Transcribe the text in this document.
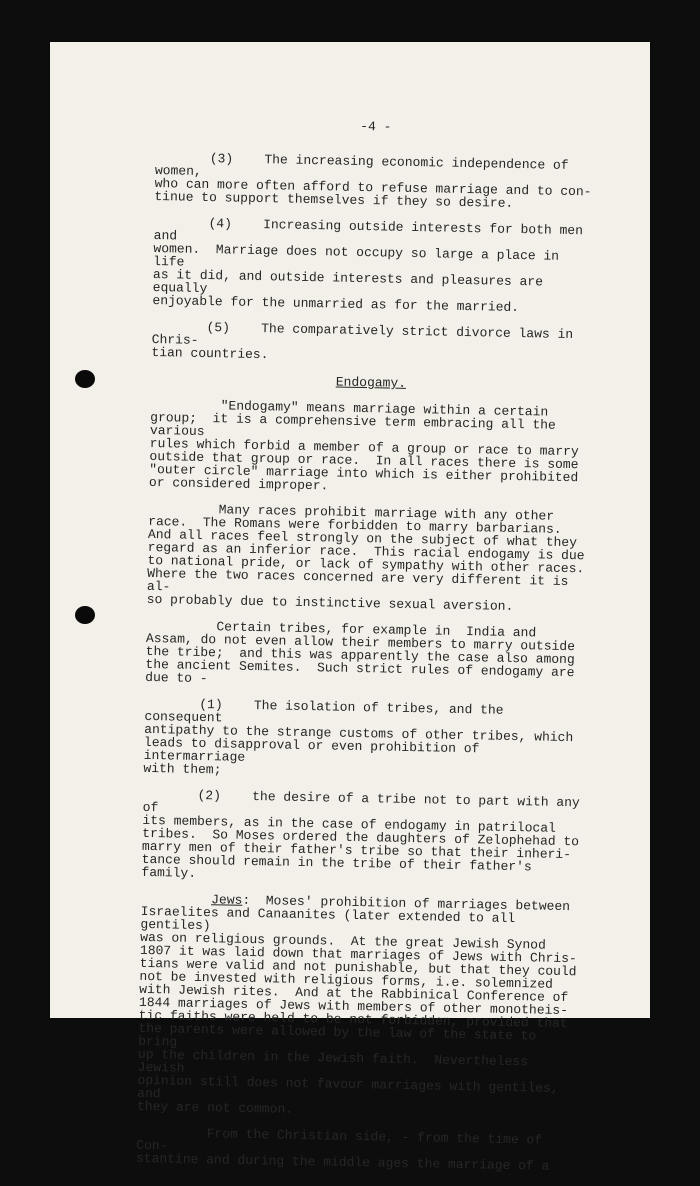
-4 -

(3)    The increasing economic independence of women,
who can more often afford to refuse marriage and to con-
tinue to support themselves if they so desire.

(4)    Increasing outside interests for both men and
women.  Marriage does not occupy so large a place in life
as it did, and outside interests and pleasures are equally
enjoyable for the unmarried as for the married.

(5)    The comparatively strict divorce laws in Chris-
tian countries.

Endogamy.

"Endogamy" means marriage within a certain
group;  it is a comprehensive term embracing all the various
rules which forbid a member of a group or race to marry
outside that group or race.  In all races there is some
"outer circle" marriage into which is either prohibited
or considered improper.

Many races prohibit marriage with any other
race.  The Romans were forbidden to marry barbarians.
And all races feel strongly on the subject of what they
regard as an inferior race.  This racial endogamy is due
to national pride, or lack of sympathy with other races.
Where the two races concerned are very different it is al-
so probably due to instinctive sexual aversion.

Certain tribes, for example in  India and
Assam, do not even allow their members to marry outside
the tribe;  and this was apparently the case also among
the ancient Semites.  Such strict rules of endogamy are
due to -

(1)    The isolation of tribes, and the consequent
antipathy to the strange customs of other tribes, which
leads to disapproval or even prohibition of intermarriage
with them;

(2)    the desire of a tribe not to part with any of
its members, as in the case of endogamy in patrilocal
tribes.  So Moses ordered the daughters of Zelophehad to
marry men of their father's tribe so that their inheri-
tance should remain in the tribe of their father's family.

Jews:  Moses' prohibition of marriages between
Israelites and Canaanites (later extended to all gentiles)
was on religious grounds.  At the great Jewish Synod
1807 it was laid down that marriages of Jews with Chris-
tians were valid and not punishable, but that they could
not be invested with religious forms, i.e. solemnized
with Jewish rites.  And at the Rabbinical Conference of
1844 marriages of Jews with members of other monotheis-
tic faiths were held to be not forbidden, provided that
the parents were allowed by the law of the state to bring
up the children in the Jewish faith.  Nevertheless Jewish
opinion still does not favour marriages with gentiles, and
they are not common.

From the Christian side, - from the time of Con-
stantine and during the middle ages the marriage of a
